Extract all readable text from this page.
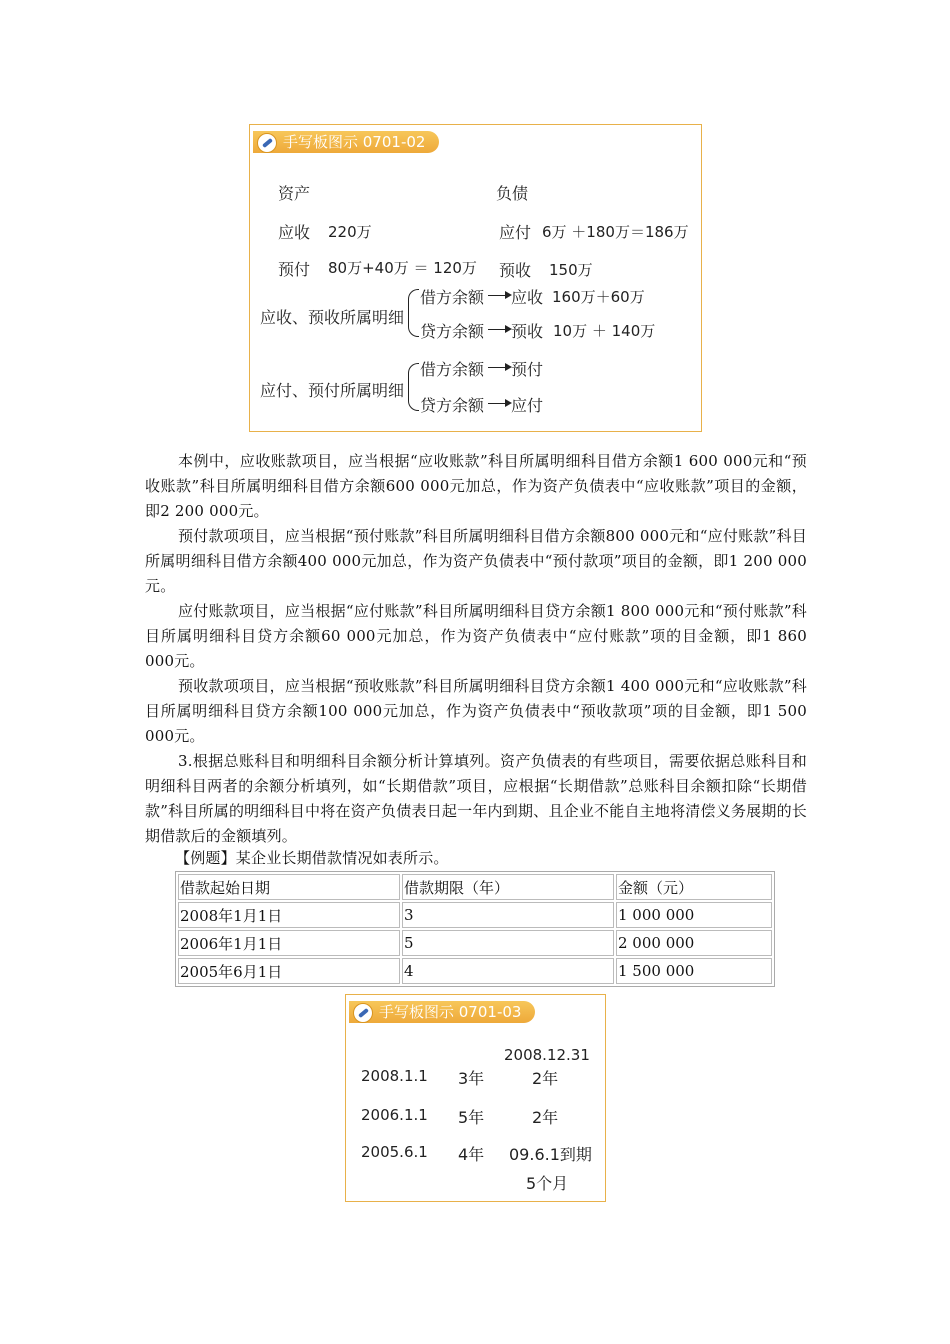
手写板图示 0701-02
资产	负债
应收 220万	应付 6万 ＋180万＝186万
预付 80万+40万 ＝ 120万 预收 150万
应收、预收所属明细
借方余额 应收 160万＋60万
贷方余额 预收 10万 ＋ 140万
应付、预付所属明细
借方余额 预付
贷方余额 应付
本例中，应收账款项目，应当根据“应收账款”科目所属明细科目借方余额1 600 000元和“预收账款”科目所属明细科目借方余额600 000元加总，作为资产负债表中“应收账款”项目的金额，即2 200 000元。
预付款项项目，应当根据“预付账款”科目所属明细科目借方余额800 000元和“应付账款”科目所属明细科目借方余额400 000元加总，作为资产负债表中“预付款项”项目的金额，即1 200 000元。
应付账款项目，应当根据“应付账款”科目所属明细科目贷方余额1 800 000元和“预付账款”科目所属明细科目贷方余额60 000元加总，作为资产负债表中“应付账款”项的目金额，即1 860 000元。
预收款项项目，应当根据“预收账款”科目所属明细科目贷方余额1 400 000元和“应收账款”科目所属明细科目贷方余额100 000元加总，作为资产负债表中“预收款项”项的目金额，即1 500 000元。
3.根据总账科目和明细科目余额分析计算填列。资产负债表的有些项目，需要依据总账科目和明细科目两者的余额分析填列，如“长期借款”项目，应根据“长期借款”总账科目余额扣除“长期借款”科目所属的明细科目中将在资产负债表日起一年内到期、且企业不能自主地将清偿义务展期的长期借款后的金额填列。
【例题】某企业长期借款情况如表所示。
借款起始日期	借款期限（年）	金额（元）
2008年1月1日	3	1 000 000
2006年1月1日	5	2 000 000
2005年6月1日	4	1 500 000
手写板图示 0701-03
2008.12.31
2008.1.1 3年	2年
2006.1.1 5年	2年
2005.6.1 4年 09.6.1到期
5个月
